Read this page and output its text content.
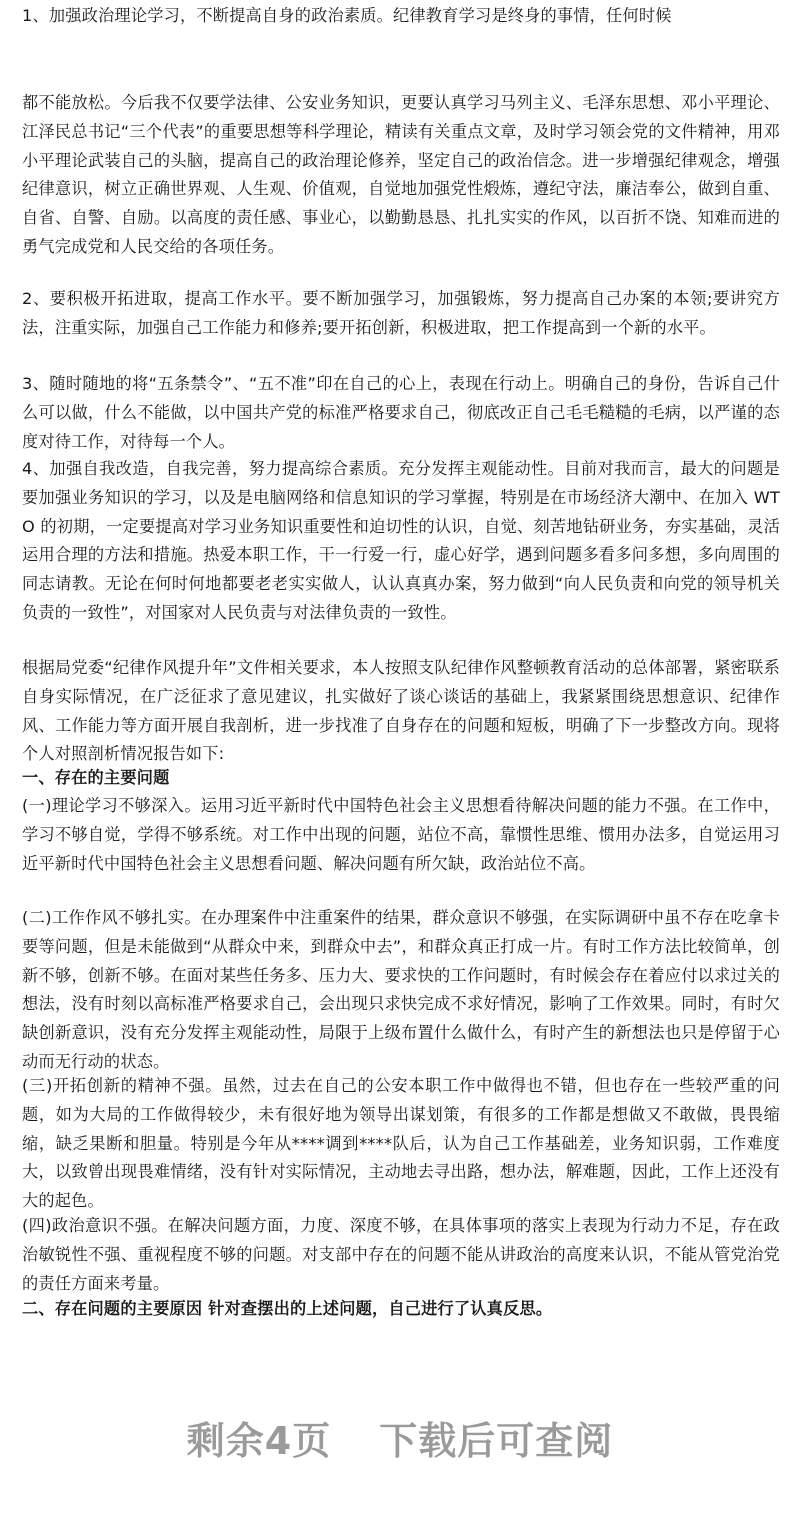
1、加强政治理论学习，不断提高自身的政治素质。纪律教育学习是终身的事情，任何时候

都不能放松。今后我不仅要学法律、公安业务知识，更要认真学习马列主义、毛泽东思想、邓小平理论、江泽民总书记“三个代表”的重要思想等科学理论，精读有关重点文章，及时学习领会党的文件精神，用邓小平理论武装自己的头脑，提高自己的政治理论修养，坚定自己的政治信念。进一步增强纪律观念，增强纪律意识，树立正确世界观、人生观、价值观，自觉地加强党性煅炼，遵纪守法，廉洁奉公，做到自重、自省、自警、自励。以高度的责任感、事业心，以勤勤恳恳、扎扎实实的作风，以百折不饶、知难而进的勇气完成党和人民交给的各项任务。

2、要积极开拓进取，提高工作水平。要不断加强学习，加强锻炼，努力提高自己办案的本领;要讲究方法，注重实际，加强自己工作能力和修养;要开拓创新，积极进取，把工作提高到一个新的水平。

3、随时随地的将“五条禁令”、“五不准”印在自己的心上，表现在行动上。明确自己的身份，告诉自己什么可以做，什么不能做，以中国共产党的标准严格要求自己，彻底改正自己毛毛糙糙的毛病，以严谨的态度对待工作，对待每一个人。

4、加强自我改造，自我完善，努力提高综合素质。充分发挥主观能动性。目前对我而言，最大的问题是要加强业务知识的学习，以及是电脑网络和信息知识的学习掌握，特别是在市场经济大潮中、在加入 WTO 的初期，一定要提高对学习业务知识重要性和迫切性的认识，自觉、刻苦地钻研业务，夯实基础，灵活运用合理的方法和措施。热爱本职工作，干一行爱一行，虚心好学，遇到问题多看多问多想，多向周围的同志请教。无论在何时何地都要老老实实做人，认认真真办案，努力做到“向人民负责和向党的领导机关负责的一致性”，对国家对人民负责与对法律负责的一致性。

根据局党委“纪律作风提升年”文件相关要求，本人按照支队纪律作风整顿教育活动的总体部署，紧密联系自身实际情况，在广泛征求了意见建议，扎实做好了谈心谈话的基础上，我紧紧围绕思想意识、纪律作风、工作能力等方面开展自我剖析，进一步找准了自身存在的问题和短板，明确了下一步整改方向。现将个人对照剖析情况报告如下:

一、存在的主要问题

(一)理论学习不够深入。运用习近平新时代中国特色社会主义思想看待解决问题的能力不强。在工作中，学习不够自觉，学得不够系统。对工作中出现的问题，站位不高，靠惯性思维、惯用办法多，自觉运用习近平新时代中国特色社会主义思想看问题、解决问题有所欠缺，政治站位不高。

(二)工作作风不够扎实。在办理案件中注重案件的结果，群众意识不够强，在实际调研中虽不存在吃拿卡要等问题，但是未能做到“从群众中来，到群众中去”，和群众真正打成一片。有时工作方法比较简单，创新不够，创新不够。在面对某些任务多、压力大、要求快的工作问题时，有时候会存在着应付以求过关的想法，没有时刻以高标准严格要求自己，会出现只求快完成不求好情况，影响了工作效果。同时，有时欠缺创新意识，没有充分发挥主观能动性，局限于上级布置什么做什么，有时产生的新想法也只是停留于心动而无行动的状态。

(三)开拓创新的精神不强。虽然，过去在自己的公安本职工作中做得也不错，但也存在一些较严重的问题，如为大局的工作做得较少，未有很好地为领导出谋划策，有很多的工作都是想做又不敢做，畏畏缩缩，缺乏果断和胆量。特别是今年从****调到****队后，认为自己工作基础差，业务知识弱，工作难度大，以致曾出现畏难情绪，没有针对实际情况，主动地去寻出路，想办法，解难题，因此，工作上还没有大的起色。

(四)政治意识不强。在解决问题方面，力度、深度不够，在具体事项的落实上表现为行动力不足，存在政治敏锐性不强、重视程度不够的问题。对支部中存在的问题不能从讲政治的高度来认识，不能从管党治党的责任方面来考量。

二、存在问题的主要原因 针对查摆出的上述问题，自己进行了认真反思。

剩余4页 下载后可查阅
